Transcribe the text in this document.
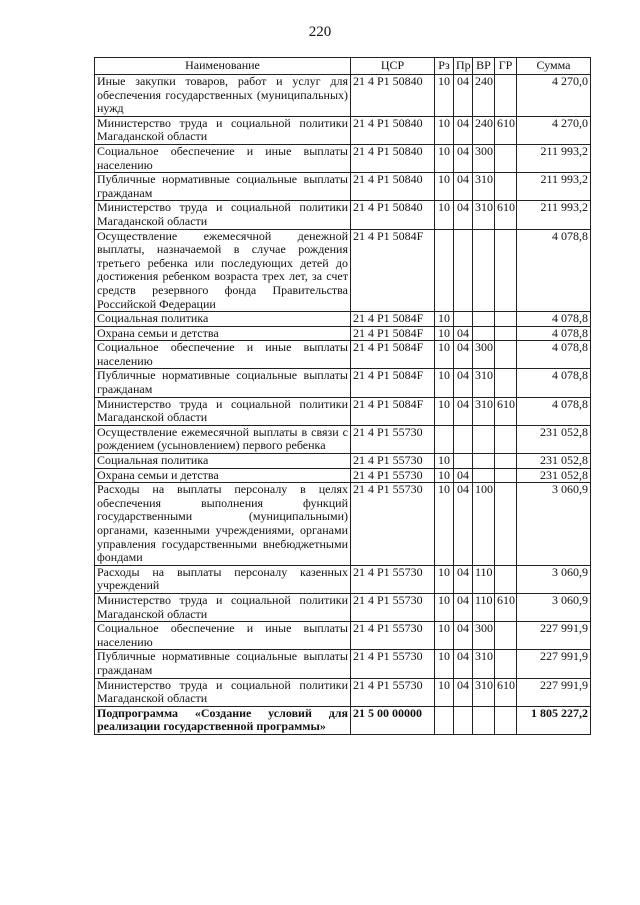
220
Наименование	ЦСР	Рз	Пр	ВР	ГР	Сумма
Иные закупки товаров, работ и услуг для обеспечения государственных (муниципальных) нужд	21 4 P1 50840	10	04	240		4 270,0
Министерство труда и социальной политики Магаданской области	21 4 P1 50840	10	04	240	610	4 270,0
Социальное обеспечение и иные выплаты населению	21 4 P1 50840	10	04	300		211 993,2
Публичные нормативные социальные выплаты гражданам	21 4 P1 50840	10	04	310		211 993,2
Министерство труда и социальной политики Магаданской области	21 4 P1 50840	10	04	310	610	211 993,2
Осуществление ежемесячной денежной выплаты, назначаемой в случае рождения третьего ребенка или последующих детей до достижения ребенком возраста трех лет, за счет средств резервного фонда Правительства Российской Федерации	21 4 P1 5084F					4 078,8
Социальная политика	21 4 P1 5084F	10				4 078,8
Охрана семьи и детства	21 4 P1 5084F	10	04			4 078,8
Социальное обеспечение и иные выплаты населению	21 4 P1 5084F	10	04	300		4 078,8
Публичные нормативные социальные выплаты гражданам	21 4 P1 5084F	10	04	310		4 078,8
Министерство труда и социальной политики Магаданской области	21 4 P1 5084F	10	04	310	610	4 078,8
Осуществление ежемесячной выплаты в связи с рождением (усыновлением) первого ребенка	21 4 P1 55730					231 052,8
Социальная политика	21 4 P1 55730	10				231 052,8
Охрана семьи и детства	21 4 P1 55730	10	04			231 052,8
Расходы на выплаты персоналу в целях обеспечения выполнения функций государственными (муниципальными) органами, казенными учреждениями, органами управления государственными внебюджетными фондами	21 4 P1 55730	10	04	100		3 060,9
Расходы на выплаты персоналу казенных учреждений	21 4 P1 55730	10	04	110		3 060,9
Министерство труда и социальной политики Магаданской области	21 4 P1 55730	10	04	110	610	3 060,9
Социальное обеспечение и иные выплаты населению	21 4 P1 55730	10	04	300		227 991,9
Публичные нормативные социальные выплаты гражданам	21 4 P1 55730	10	04	310		227 991,9
Министерство труда и социальной политики Магаданской области	21 4 P1 55730	10	04	310	610	227 991,9
Подпрограмма «Создание условий для реализации государственной программы»	21 5 00 00000					1 805 227,2
